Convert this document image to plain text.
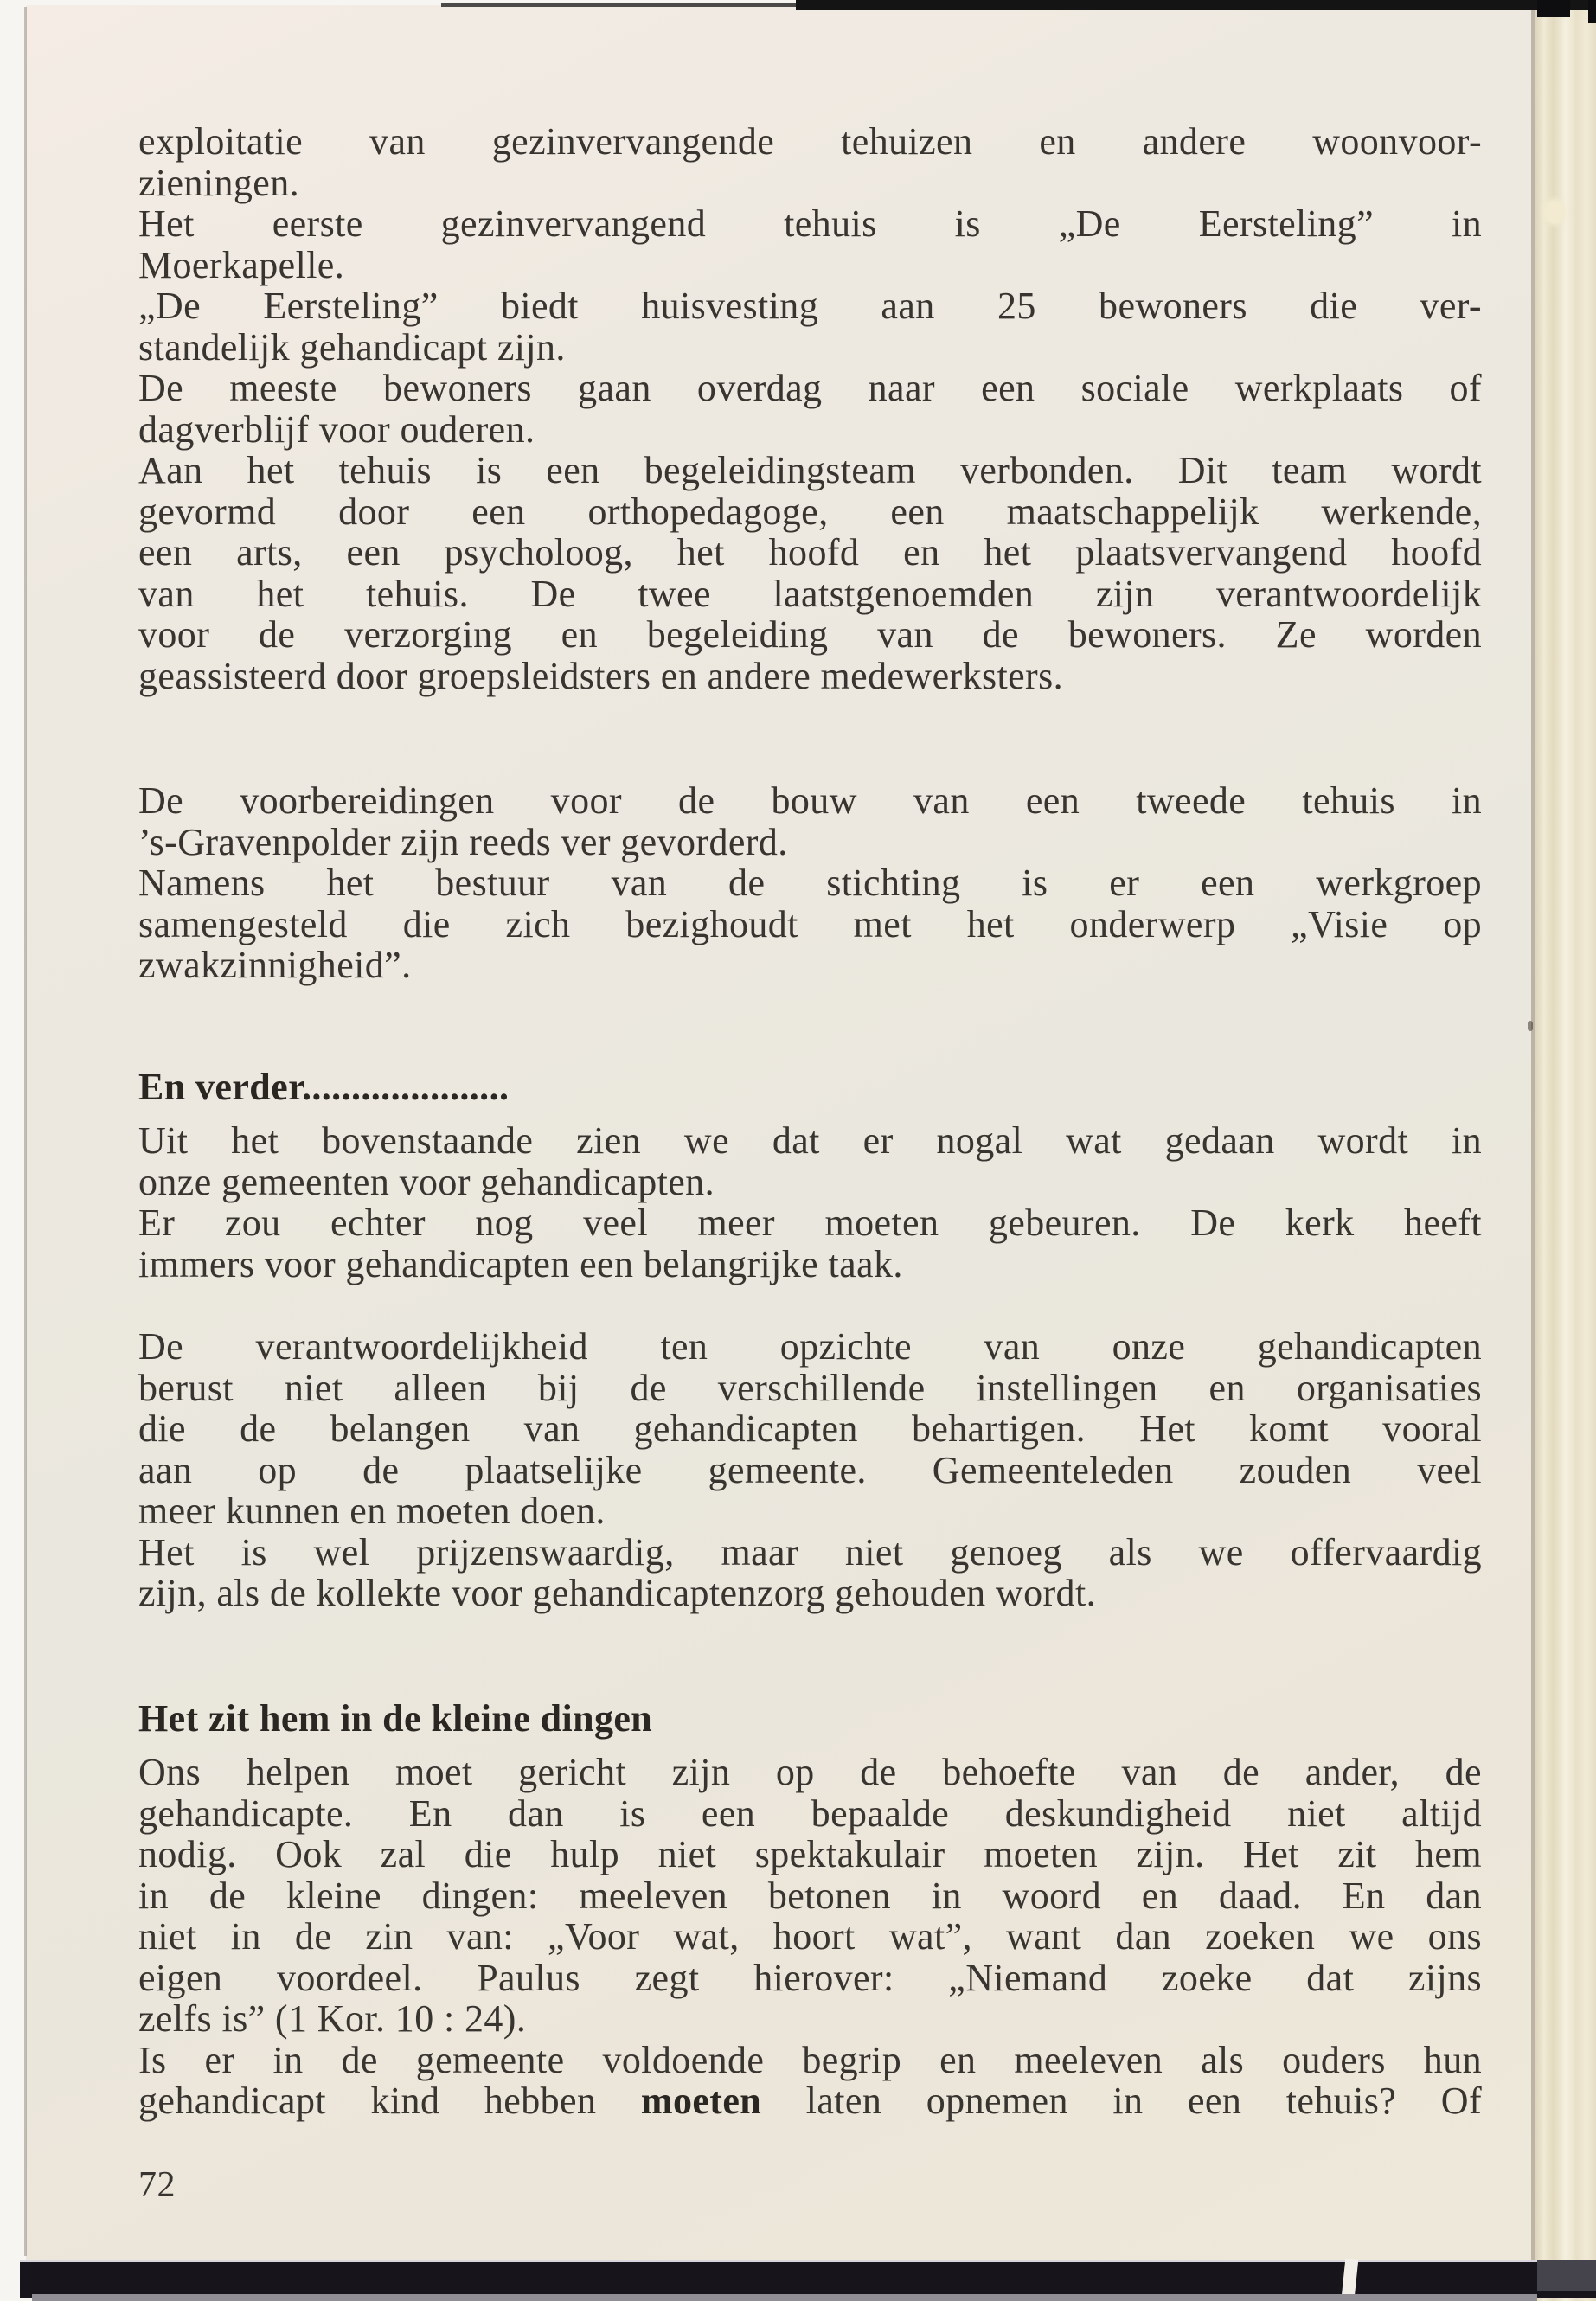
exploitatie van gezinvervangende tehuizen en andere woonvoor-
zieningen.
Het eerste gezinvervangend tehuis is „De Eersteling” in
Moerkapelle.
„De Eersteling” biedt huisvesting aan 25 bewoners die ver-
standelijk gehandicapt zijn.
De meeste bewoners gaan overdag naar een sociale werkplaats of
dagverblijf voor ouderen.
Aan het tehuis is een begeleidingsteam verbonden. Dit team wordt
gevormd door een orthopedagoge, een maatschappelijk werkende,
een arts, een psycholoog, het hoofd en het plaatsvervangend hoofd
van het tehuis. De twee laatstgenoemden zijn verantwoordelijk
voor de verzorging en begeleiding van de bewoners. Ze worden
geassisteerd door groepsleidsters en andere medewerksters.
De voorbereidingen voor de bouw van een tweede tehuis in
’s-Gravenpolder zijn reeds ver gevorderd.
Namens het bestuur van de stichting is er een werkgroep
samengesteld die zich bezighoudt met het onderwerp „Visie op
zwakzinnigheid”.
En verder.....................
Uit het bovenstaande zien we dat er nogal wat gedaan wordt in
onze gemeenten voor gehandicapten.
Er zou echter nog veel meer moeten gebeuren. De kerk heeft
immers voor gehandicapten een belangrijke taak.
De verantwoordelijkheid ten opzichte van onze gehandicapten
berust niet alleen bij de verschillende instellingen en organisaties
die de belangen van gehandicapten behartigen. Het komt vooral
aan op de plaatselijke gemeente. Gemeenteleden zouden veel
meer kunnen en moeten doen.
Het is wel prijzenswaardig, maar niet genoeg als we offervaardig
zijn, als de kollekte voor gehandicaptenzorg gehouden wordt.
Het zit hem in de kleine dingen
Ons helpen moet gericht zijn op de behoefte van de ander, de
gehandicapte. En dan is een bepaalde deskundigheid niet altijd
nodig. Ook zal die hulp niet spektakulair moeten zijn. Het zit hem
in de kleine dingen: meeleven betonen in woord en daad. En dan
niet in de zin van: „Voor wat, hoort wat”, want dan zoeken we ons
eigen voordeel. Paulus zegt hierover: „Niemand zoeke dat zijns
zelfs is” (1 Kor. 10 : 24).
Is er in de gemeente voldoende begrip en meeleven als ouders hun
gehandicapt kind hebben moeten laten opnemen in een tehuis? Of
72
